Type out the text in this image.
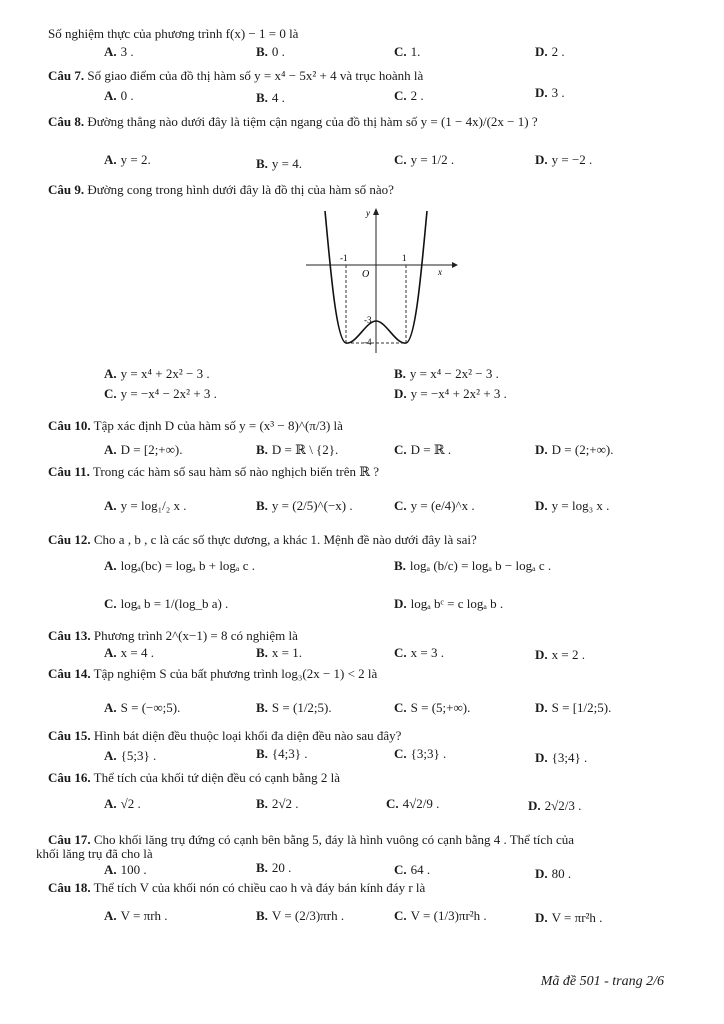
Số nghiệm thực của phương trình f(x) − 1 = 0 là
A. 3 .	B. 0 .	C. 1.	D. 2 .
Câu 7. Số giao điểm của đồ thị hàm số y = x⁴ − 5x² + 4 và trục hoành là
A. 0 .	B. 4 .	C. 2 .	D. 3 .
Câu 8. Đường thẳng nào dưới đây là tiệm cận ngang của đồ thị hàm số y = (1 − 4x)/(2x − 1) ?
A. y = 2.	B. y = 4.	C. y = 1/2 .	D. y = −2 .
Câu 9. Đường cong trong hình dưới đây là đồ thị của hàm số nào?
y
x
O
-1	1
-3
-4
A. y = x⁴ + 2x² − 3 .	B. y = x⁴ − 2x² − 3 .
C. y = −x⁴ − 2x² + 3 .	D. y = −x⁴ + 2x² + 3 .
Câu 10. Tập xác định D của hàm số y = (x³ − 8)^(π/3) là
A. D = [2;+∞).	B. D = ℝ \ {2}.	C. D = ℝ .	D. D = (2;+∞).
Câu 11. Trong các hàm số sau hàm số nào nghịch biến trên ℝ ?
A. y = log₁/₂ x .	B. y = (2/5)^(−x) .	C. y = (e/4)^x .	D. y = log₃ x .
Câu 12. Cho a , b , c là các số thực dương, a khác 1. Mệnh đề nào dưới đây là sai?
A. logₐ(bc) = logₐ b + logₐ c .	B. logₐ (b/c) = logₐ b − logₐ c .
C. logₐ b = 1/(log_b a) .	D. logₐ bᶜ = c logₐ b .
Câu 13. Phương trình 2^(x−1) = 8 có nghiệm là
A. x = 4 .	B. x = 1.	C. x = 3 .	D. x = 2 .
Câu 14. Tập nghiệm S của bất phương trình log₃(2x − 1) < 2 là
A. S = (−∞;5).	B. S = (1/2;5).	C. S = (5;+∞).	D. S = [1/2;5).
Câu 15. Hình bát diện đều thuộc loại khối đa diện đều nào sau đây?
A. {5;3} .	B. {4;3} .	C. {3;3} .	D. {3;4} .
Câu 16. Thể tích của khối tứ diện đều có cạnh bằng 2 là
A. √2 .	B. 2√2 .	C. 4√2/9 .	D. 2√2/3 .
Câu 17. Cho khối lăng trụ đứng có cạnh bên bằng 5, đáy là hình vuông có cạnh bằng 4 . Thể tích của
khối lăng trụ đã cho là
A. 100 .	B. 20 .	C. 64 .	D. 80 .
Câu 18. Thể tích V của khối nón có chiều cao h và đáy bán kính đáy r là
A. V = πrh .	B. V = (2/3)πrh .	C. V = (1/3)πr²h .	D. V = πr²h .
Mã đề 501 - trang 2/6
